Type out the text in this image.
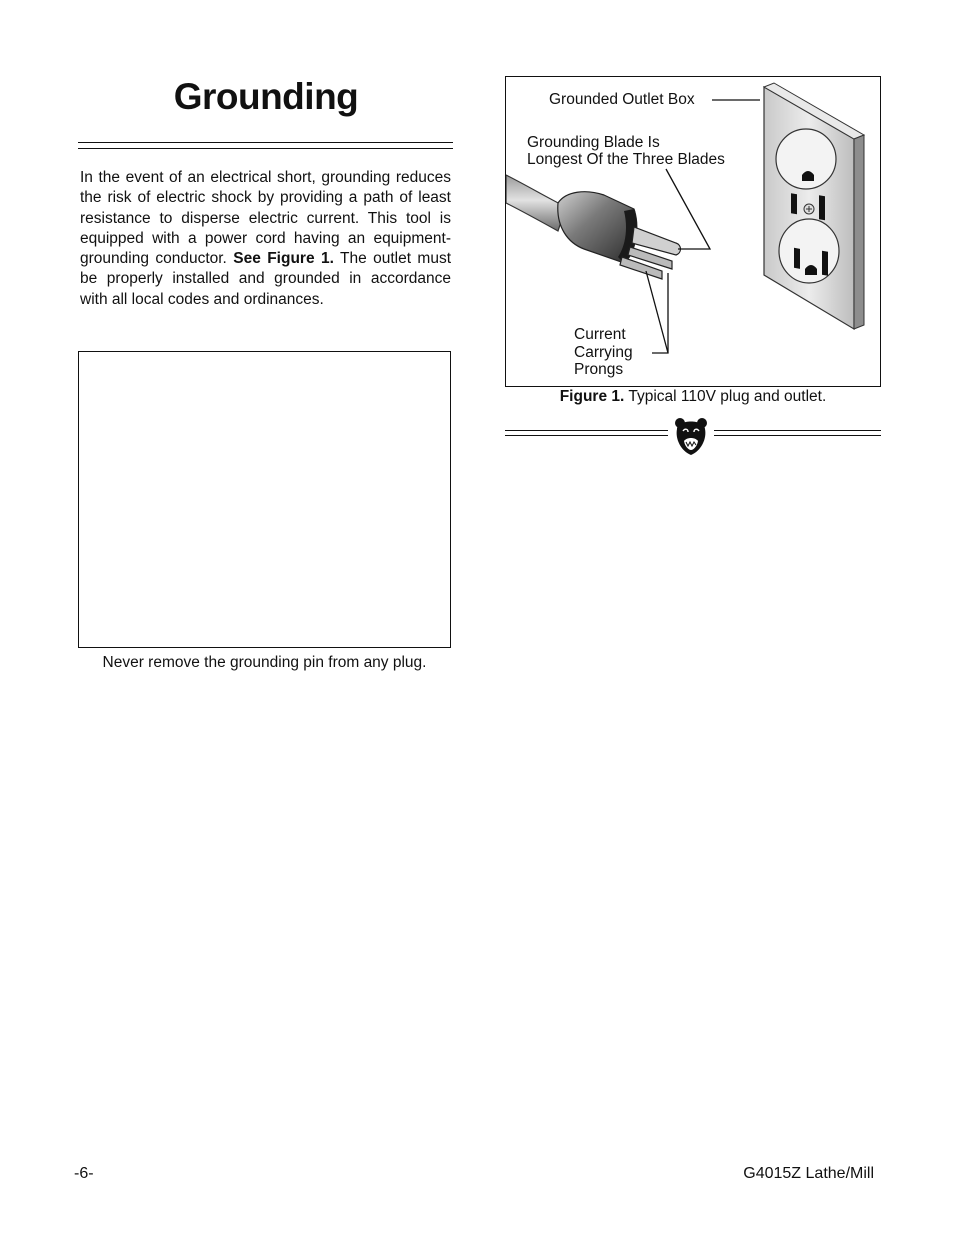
Grounding

In the event of an electrical short, grounding reduces the risk of electric shock by providing a path of least resistance to disperse electric current. This tool is equipped with a power cord having an equipment-grounding conductor. See Figure 1. The outlet must be properly installed and grounded in accordance with all local codes and ordinances.

Never remove the grounding pin from any plug.

Grounded Outlet Box
Grounding Blade Is
Longest Of the Three Blades
Current
Carrying
Prongs

Figure 1. Typical 110V plug and outlet.

-6-	G4015Z Lathe/Mill
